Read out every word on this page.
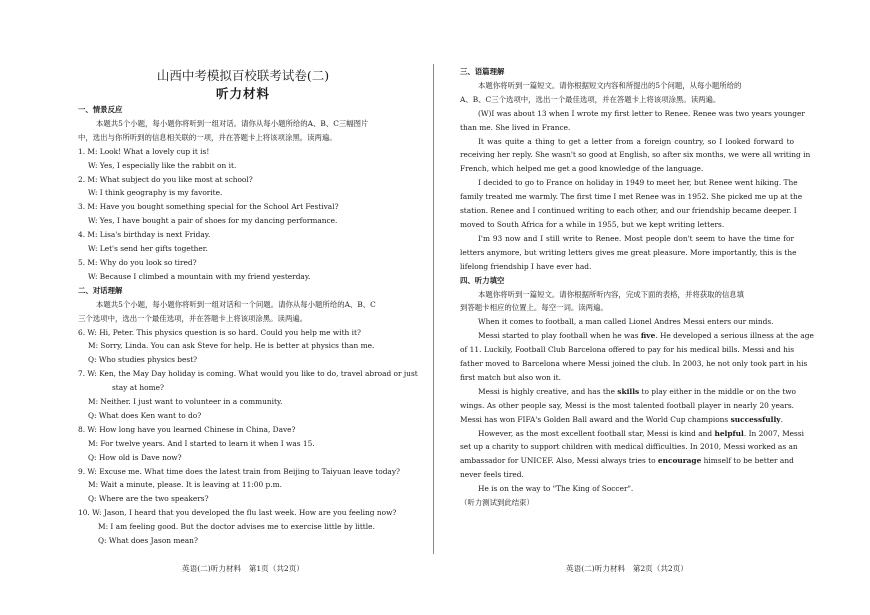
山西中考模拟百校联考试卷(二)
听力材料
一、情景反应
本题共5个小题，每小题你将听到一组对话。请你从每小题所给的A、B、C三幅图片
中，选出与你所听到的信息相关联的一项，并在答题卡上将该项涂黑。读两遍。
1. M: Look! What a lovely cup it is!
W: Yes, I especially like the rabbit on it.
2. M: What subject do you like most at school?
W: I think geography is my favorite.
3. M: Have you bought something special for the School Art Festival?
W: Yes, I have bought a pair of shoes for my dancing performance.
4. M: Lisa's birthday is next Friday.
W: Let's send her gifts together.
5. M: Why do you look so tired?
W: Because I climbed a mountain with my friend yesterday.
二、对话理解
本题共5个小题，每小题你将听到一组对话和一个问题。请你从每小题所给的A、B、C
三个选项中，选出一个最佳选项，并在答题卡上将该项涂黑。读两遍。
6. W: Hi, Peter. This physics question is so hard. Could you help me with it?
M: Sorry, Linda. You can ask Steve for help. He is better at physics than me.
Q: Who studies physics best?
7. W: Ken, the May Day holiday is coming. What would you like to do, travel abroad or just
stay at home?
M: Neither. I just want to volunteer in a community.
Q: What does Ken want to do?
8. W: How long have you learned Chinese in China, Dave?
M: For twelve years. And I started to learn it when I was 15.
Q: How old is Dave now?
9. W: Excuse me. What time does the latest train from Beijing to Taiyuan leave today?
M: Wait a minute, please. It is leaving at 11:00 p.m.
Q: Where are the two speakers?
10. W: Jason, I heard that you developed the flu last week. How are you feeling now?
M: I am feeling good. But the doctor advises me to exercise little by little.
Q: What does Jason mean?
英语(二)听力材料　第1页（共2页）
三、语篇理解
本题你将听到一篇短文。请你根据短文内容和所提出的5个问题，从每小题所给的
A、B、C三个选项中，选出一个最佳选项，并在答题卡上将该项涂黑。读两遍。
(W)I was about 13 when I wrote my first letter to Renee. Renee was two years younger
than me. She lived in France.
It was quite a thing to get a letter from a foreign country, so I looked forward to
receiving her reply. She wasn't so good at English, so after six months, we were all writing in
French, which helped me get a good knowledge of the language.
I decided to go to France on holiday in 1949 to meet her, but Renee went hiking. The
family treated me warmly. The first time I met Renee was in 1952. She picked me up at the
station. Renee and I continued writing to each other, and our friendship became deeper. I
moved to South Africa for a while in 1955, but we kept writing letters.
I'm 93 now and I still write to Renee. Most people don't seem to have the time for
letters anymore, but writing letters gives me great pleasure. More importantly, this is the
lifelong friendship I have ever had.
四、听力填空
本题你将听到一篇短文。请你根据所听内容，完成下面的表格，并将获取的信息填
到答题卡相应的位置上。每空一词。读两遍。
When it comes to football, a man called Lionel Andres Messi enters our minds.
Messi started to play football when he was five. He developed a serious illness at the age
of 11. Luckily, Football Club Barcelona offered to pay for his medical bills. Messi and his
father moved to Barcelona where Messi joined the club. In 2003, he not only took part in his
first match but also won it.
Messi is highly creative, and has the skills to play either in the middle or on the two
wings. As other people say, Messi is the most talented football player in nearly 20 years.
Messi has won FIFA's Golden Ball award and the World Cup champions successfully.
However, as the most excellent football star, Messi is kind and helpful. In 2007, Messi
set up a charity to support children with medical difficulties. In 2010, Messi worked as an
ambassador for UNICEF. Also, Messi always tries to encourage himself to be better and
never feels tired.
He is on the way to "The King of Soccer".
（听力测试到此结束）
英语(二)听力材料　第2页（共2页）
